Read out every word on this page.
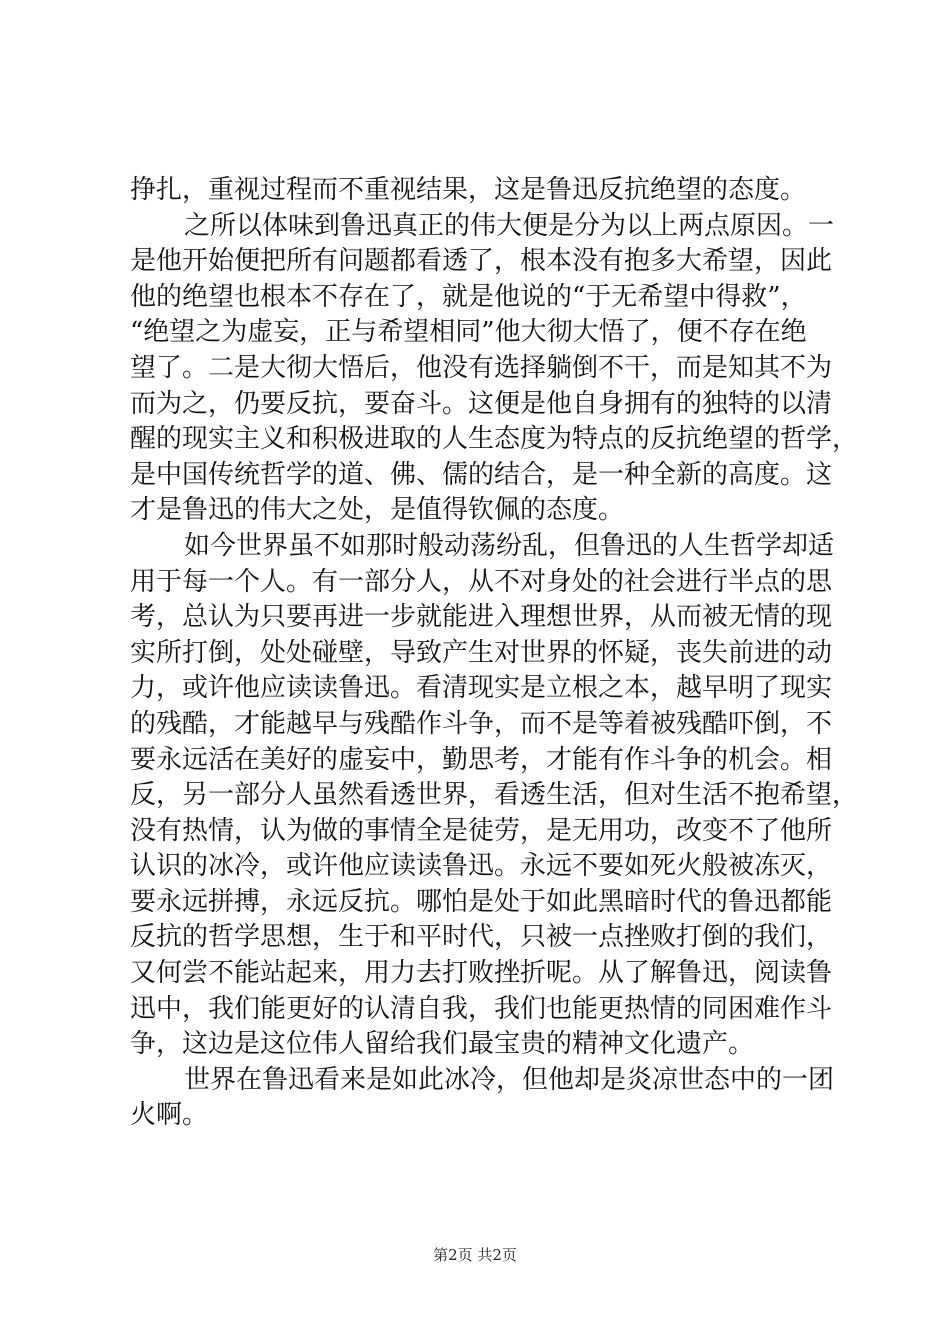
挣扎，重视过程而不重视结果，这是鲁迅反抗绝望的态度。
之所以体味到鲁迅真正的伟大便是分为以上两点原因。一
是他开始便把所有问题都看透了，根本没有抱多大希望，因此
他的绝望也根本不存在了，就是他说的“于无希望中得救”，
“绝望之为虚妄，正与希望相同”他大彻大悟了，便不存在绝
望了。二是大彻大悟后，他没有选择躺倒不干，而是知其不为
而为之，仍要反抗，要奋斗。这便是他自身拥有的独特的以清
醒的现实主义和积极进取的人生态度为特点的反抗绝望的哲学，
是中国传统哲学的道、佛、儒的结合，是一种全新的高度。这
才是鲁迅的伟大之处，是值得钦佩的态度。
如今世界虽不如那时般动荡纷乱，但鲁迅的人生哲学却适
用于每一个人。有一部分人，从不对身处的社会进行半点的思
考，总认为只要再进一步就能进入理想世界，从而被无情的现
实所打倒，处处碰壁，导致产生对世界的怀疑，丧失前进的动
力，或许他应读读鲁迅。看清现实是立根之本，越早明了现实
的残酷，才能越早与残酷作斗争，而不是等着被残酷吓倒，不
要永远活在美好的虚妄中，勤思考，才能有作斗争的机会。相
反，另一部分人虽然看透世界，看透生活，但对生活不抱希望，
没有热情，认为做的事情全是徒劳，是无用功，改变不了他所
认识的冰冷，或许他应读读鲁迅。永远不要如死火般被冻灭，
要永远拼搏，永远反抗。哪怕是处于如此黑暗时代的鲁迅都能
反抗的哲学思想，生于和平时代，只被一点挫败打倒的我们，
又何尝不能站起来，用力去打败挫折呢。从了解鲁迅，阅读鲁
迅中，我们能更好的认清自我，我们也能更热情的同困难作斗
争，这边是这位伟人留给我们最宝贵的精神文化遗产。
世界在鲁迅看来是如此冰冷，但他却是炎凉世态中的一团
火啊。
第2页 共2页
